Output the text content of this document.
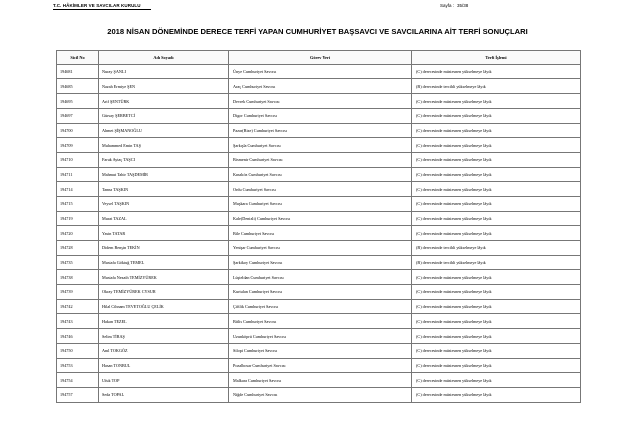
T.C. HÂKİMLER VE SAVCILAR KURULU	Sayfa : 35/38
2018 NİSAN DÖNEMİNDE DERECE TERFİ YAPAN CUMHURİYET BAŞSAVCI VE SAVCILARINA AİT TERFİ SONUÇLARI
Sicil No	Adı Soyadı	Görev Yeri	Terfi İşlemi
194681	Nuray ŞANLI	Ünye Cumhuriyet Savcısı	(C) derecesinde müstesnen yükselmeye lâyık
194685	Nazah Ermiye ŞEN	Araç Cumhuriyet Savcısı	(B) derecesinde tercihli yükselmeye lâyık
194695	Arif ŞENTÜRK	Devrek Cumhuriyet Savcısı	(C) derecesinde müstesnen yükselmeye lâyık
194697	Gürsay ŞERBETCİ	Digor Cumhuriyet Savcısı	(C) derecesinde müstesnen yükselmeye lâyık
194700	Ahmet ŞİŞMANOĞLU	Pazar(Rize) Cumhuriyet Savcısı	(C) derecesinde müstesnen yükselmeye lâyık
194709	Muhammed Emin TAŞ	Şarkışla Cumhuriyet Savcısı	(C) derecesinde müstesnen yükselmeye lâyık
194710	Faruk Aytaç TAŞCI	Bismenir Cumhuriyet Savcısı	(C) derecesinde müstesnen yükselmeye lâyık
194711	Mahmut Tahir TAŞDEMİR	Kınalıöz Cumhuriyet Savcısı	(C) derecesinde müstesnen yükselmeye lâyık
194714	Tanna TAŞKIN	Ordu Cumhuriyet Savcısı	(C) derecesinde müstesnen yükselmeye lâyık
194715	Veysel TAŞKIN	Muşkara Cumhuriyet Savcısı	(C) derecesinde müstesnen yükselmeye lâyık
194719	Murat TAZAL	Kale(Denizli) Cumhuriyet Savcısı	(C) derecesinde müstesnen yükselmeye lâyık
194720	Yasin TATAR	Bile Cumhuriyet Savcısı	(C) derecesinde müstesnen yükselmeye lâyık
194728	Didem Benşin TEKİN	Yenişar Cumhuriyet Savcısı	(B) derecesinde tercihli yükselmeye lâyık
194735	Mustafa Göktuğ TEMEL	Şarkikoy Cumhuriyet Savcısı	(B) derecesinde tercihli yükselmeye lâyık
194738	Mustafa Nezaih TEMİZYÜREK	Lüşteldan Cumhuriyet Savcısı	(C) derecesinde müstesnen yükselmeye lâyık
194739	Okray TEMİZYÜREK CYSUR	Kurtulan Cumhuriyet Savcısı	(C) derecesinde müstesnen yükselmeye lâyık
194742	Hilal Cihnam TEVETOĞLU ÇELİK	Çiftlik Cumhuriyet Savcısı	(C) derecesinde müstesnen yükselmeye lâyık
194743	Hakan TEZEL	Bitlis Cumhuriyet Savcısı	(C) derecesinde müstesnen yükselmeye lâyık
194746	Selim TİRAŞ	Uzunköprü Cumhuriyet Savcısı	(C) derecesinde müstesnen yükselmeye lâyık
194750	Anıl TOKGÖZ	Silopi Cumhuriyet Savcısı	(C) derecesinde müstesnen yükselmeye lâyık
194753	Hasan TONBUL	Pozalbosar Cumhuriyet Savcısı	(C) derecesinde müstesnen yükselmeye lâyık
194754	Ufuk TOP	Malkara Cumhuriyet Savcısı	(C) derecesinde müstesnen yükselmeye lâyık
194757	Seda TOPAL	Niğde Cumhuriyet Savcısı	(C) derecesinde müstesnen yükselmeye lâyık
